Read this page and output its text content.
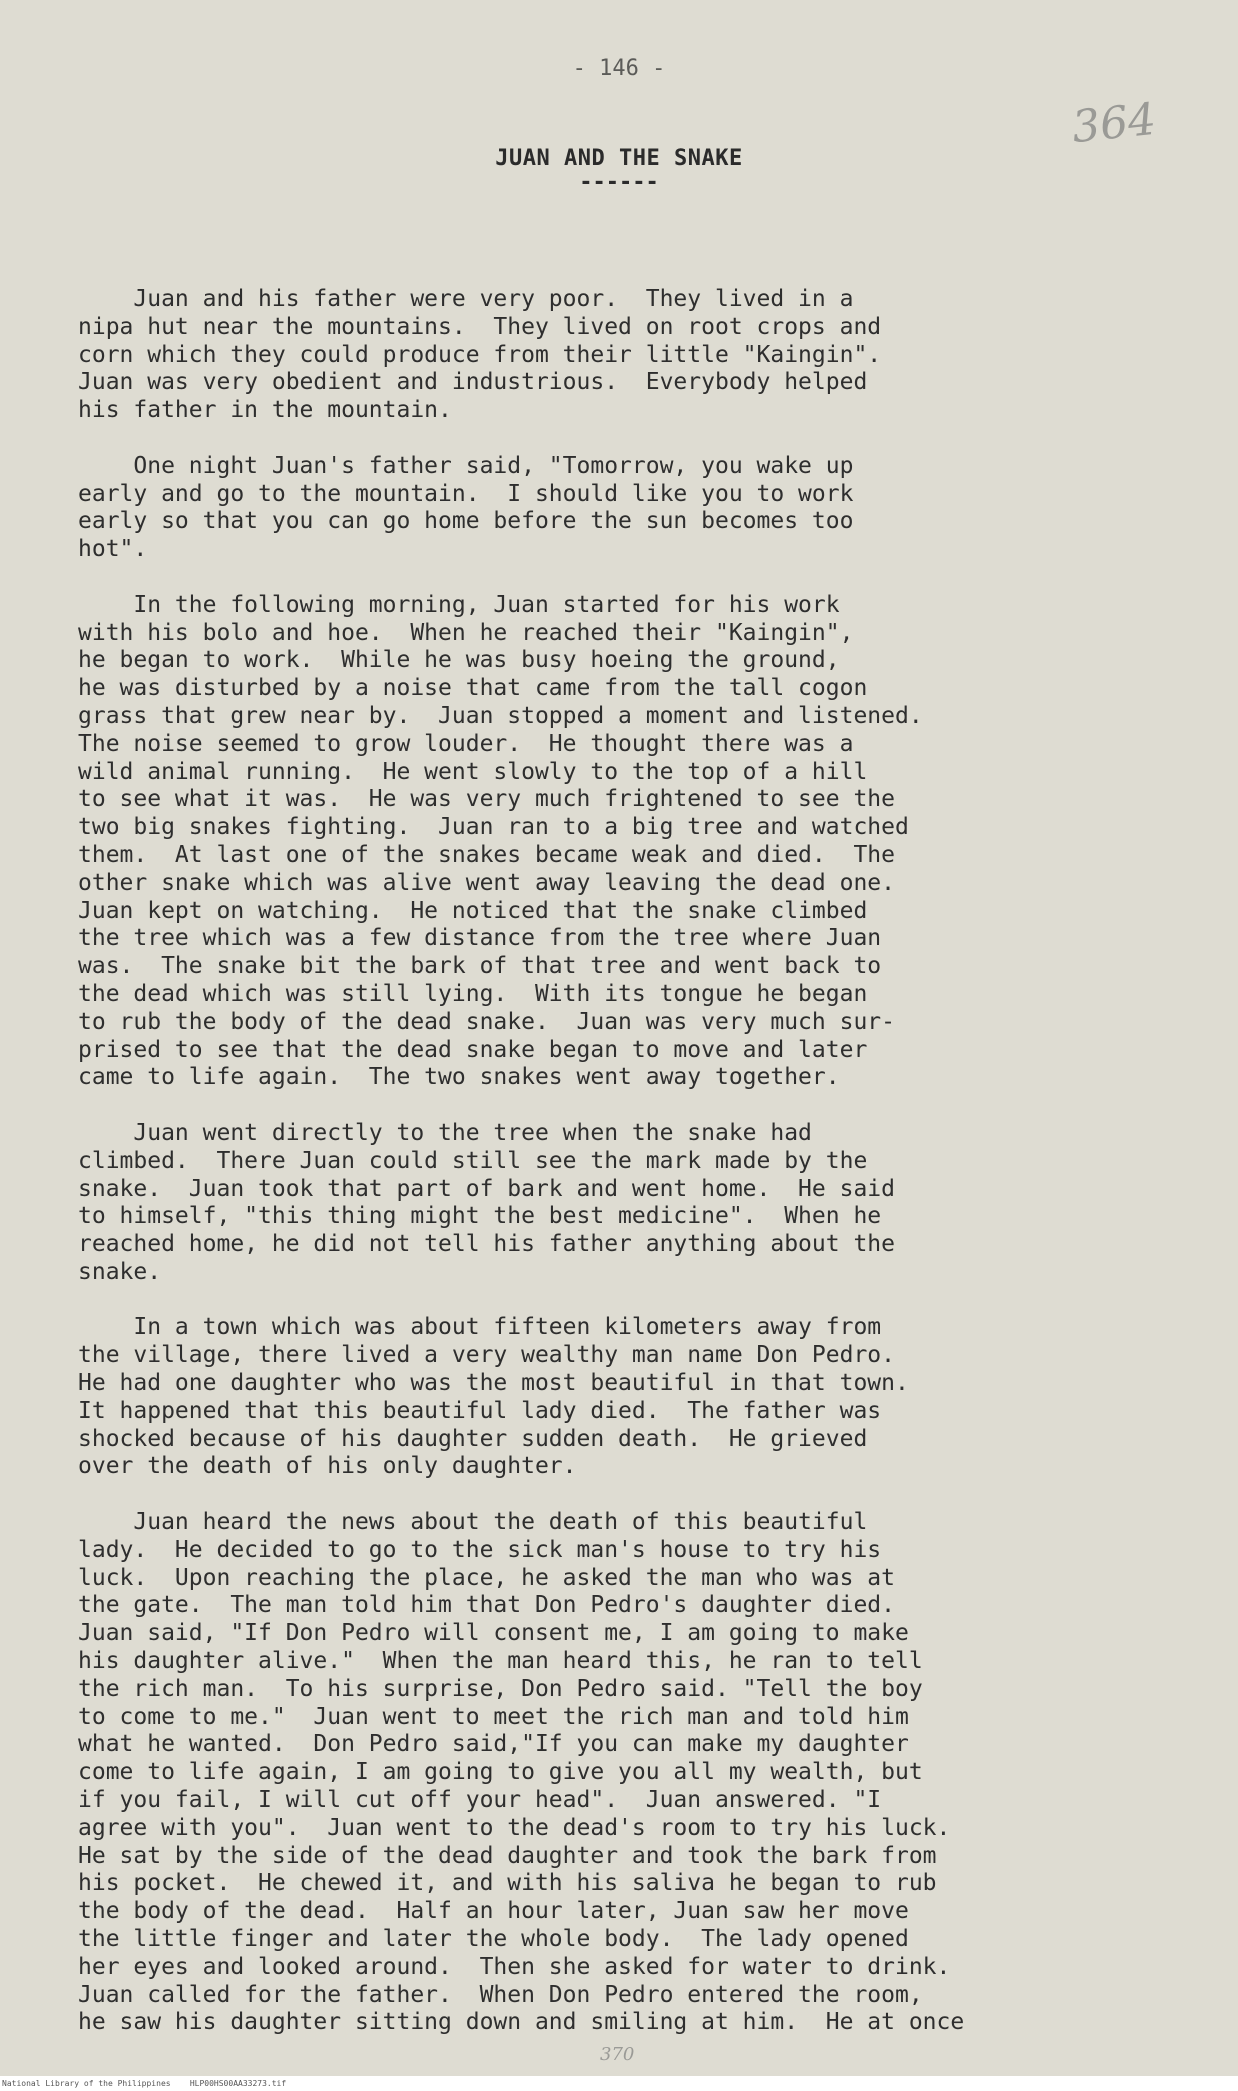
- 146 -
364
JUAN AND THE SNAKE
------
Juan and his father were very poor.  They lived in a
nipa hut near the mountains.  They lived on root crops and
corn which they could produce from their little "Kaingin".
Juan was very obedient and industrious.  Everybody helped
his father in the mountain.
One night Juan's father said, "Tomorrow, you wake up
early and go to the mountain.  I should like you to work
early so that you can go home before the sun becomes too
hot".
In the following morning, Juan started for his work
with his bolo and hoe.  When he reached their "Kaingin",
he began to work.  While he was busy hoeing the ground,
he was disturbed by a noise that came from the tall cogon
grass that grew near by.  Juan stopped a moment and listened.
The noise seemed to grow louder.  He thought there was a
wild animal running.  He went slowly to the top of a hill
to see what it was.  He was very much frightened to see the
two big snakes fighting.  Juan ran to a big tree and watched
them.  At last one of the snakes became weak and died.  The
other snake which was alive went away leaving the dead one.
Juan kept on watching.  He noticed that the snake climbed
the tree which was a few distance from the tree where Juan
was.  The snake bit the bark of that tree and went back to
the dead which was still lying.  With its tongue he began
to rub the body of the dead snake.  Juan was very much sur-
prised to see that the dead snake began to move and later
came to life again.  The two snakes went away together.
Juan went directly to the tree when the snake had
climbed.  There Juan could still see the mark made by the
snake.  Juan took that part of bark and went home.  He said
to himself, "this thing might the best medicine".  When he
reached home, he did not tell his father anything about the
snake.
In a town which was about fifteen kilometers away from
the village, there lived a very wealthy man name Don Pedro.
He had one daughter who was the most beautiful in that town.
It happened that this beautiful lady died.  The father was
shocked because of his daughter sudden death.  He grieved
over the death of his only daughter.
Juan heard the news about the death of this beautiful
lady.  He decided to go to the sick man's house to try his
luck.  Upon reaching the place, he asked the man who was at
the gate.  The man told him that Don Pedro's daughter died.
Juan said, "If Don Pedro will consent me, I am going to make
his daughter alive."  When the man heard this, he ran to tell
the rich man.  To his surprise, Don Pedro said. "Tell the boy
to come to me."  Juan went to meet the rich man and told him
what he wanted.  Don Pedro said,"If you can make my daughter
come to life again, I am going to give you all my wealth, but
if you fail, I will cut off your head".  Juan answered. "I
agree with you".  Juan went to the dead's room to try his luck.
He sat by the side of the dead daughter and took the bark from
his pocket.  He chewed it, and with his saliva he began to rub
the body of the dead.  Half an hour later, Juan saw her move
the little finger and later the whole body.  The lady opened
her eyes and looked around.  Then she asked for water to drink.
Juan called for the father.  When Don Pedro entered the room,
he saw his daughter sitting down and smiling at him.  He at once
370
National Library of the Philippines    HLP00HS00AA33273.tif
